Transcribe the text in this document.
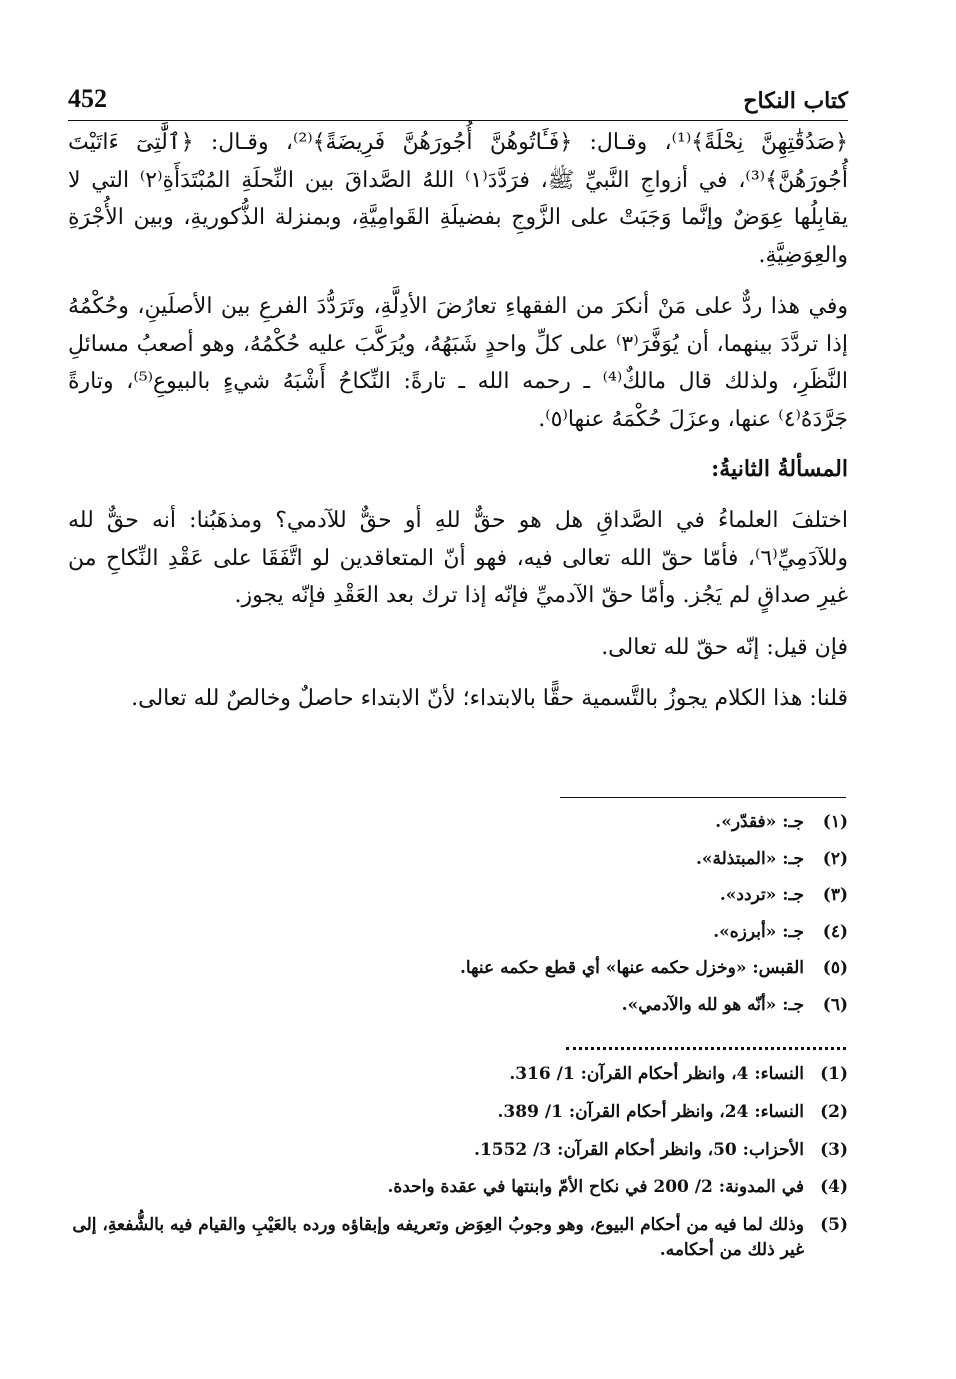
452	كتاب النكاح

﴿صَدُقَٰتِهِنَّ نِحْلَةً﴾⁽¹⁾، وقـال: ﴿فَـَٔاتُوهُنَّ أُجُورَهُنَّ فَرِيضَةً﴾⁽²⁾، وقـال: ﴿ٱلَّٰتِىٓ ءَاتَيْتَ أُجُورَهُنَّ﴾⁽³⁾، في أزواجِ النَّبيِّ ﷺ، فرَدَّدَ⁽١⁾ اللهُ الصَّداقَ بين النِّحلَةِ المُبْتَدَأَةِ⁽٢⁾ التي لا يقابِلُها عِوَضٌ وإنَّما وَجَبَتْ على الزَّوجِ بفضيلَةِ القَوامِيَّةِ، وبمنزلة الذُّكوريةِ، وبين الأُجْرَةِ والعِوَضِيَّةِ.

وفي هذا ردٌّ على مَنْ أنكرَ من الفقهاءِ تعارُضَ الأدِلَّةِ، وتَرَدُّدَ الفرعِ بين الأصلَينِ، وحُكْمُهُ إذا تردَّدَ بينهما، أن يُوَفَّرَ⁽٣⁾ على كلِّ واحدٍ شَبَهُهُ، ويُرَكَّبَ عليه حُكْمُهُ، وهو أصعبُ مسائلِ النَّظَرِ، ولذلك قال مالكٌ⁽⁴⁾ ـ رحمه الله ـ تارةً: النِّكاحُ أَشْبَهُ شيءٍ بالبيوعِ⁽⁵⁾، وتارةً جَرَّدَهُ⁽٤⁾ عنها، وعزَلَ حُكْمَهُ عنها⁽٥⁾.

المسألةُ الثانيةُ:

اختلفَ العلماءُ في الصَّداقِ هل هو حقٌّ للهِ أو حقٌّ للآدمي؟ ومذهَبُنا: أنه حقٌّ لله وللآدَمِيِّ⁽٦⁾، فأمّا حقّ الله تعالى فيه، فهو أنّ المتعاقدين لو اتَّفَقَا على عَقْدِ النِّكاحِ من غيرِ صداقٍ لم يَجُز. وأمّا حقّ الآدميِّ فإنّه إذا ترك بعد العَقْدِ فإنّه يجوز.

فإن قيل: إنّه حقّ لله تعالى.

قلنا: هذا الكلام يجوزُ بالتَّسمية حقًّا بالابتداء؛ لأنّ الابتداء حاصلٌ وخالصٌ لله تعالى.

(١)
جـ: «فقدّر».
(٢)
جـ: «المبتذلة».
(٣)
جـ: «تردد».
(٤)
جـ: «أبرزه».
(٥)
القبس: «وخزل حكمه عنها» أي قطع حكمه عنها.
(٦)
جـ: «أنّه هو لله والآدمي».
(1)
النساء: 4، وانظر أحكام القرآن: 1/ 316.
(2)
النساء: 24، وانظر أحكام القرآن: 1/ 389.
(3)
الأحزاب: 50، وانظر أحكام القرآن: 3/ 1552.
(4)
في المدونة: 2/ 200 في نكاح الأمّ وابنتها في عقدة واحدة.
(5)
وذلك لما فيه من أحكام البيوع، وهو وجوبُ العِوَض وتعريفه وإبقاؤه ورده بالعَيْبِ والقيام فيه بالشُّفعةِ، إلى غير ذلك من أحكامه.
